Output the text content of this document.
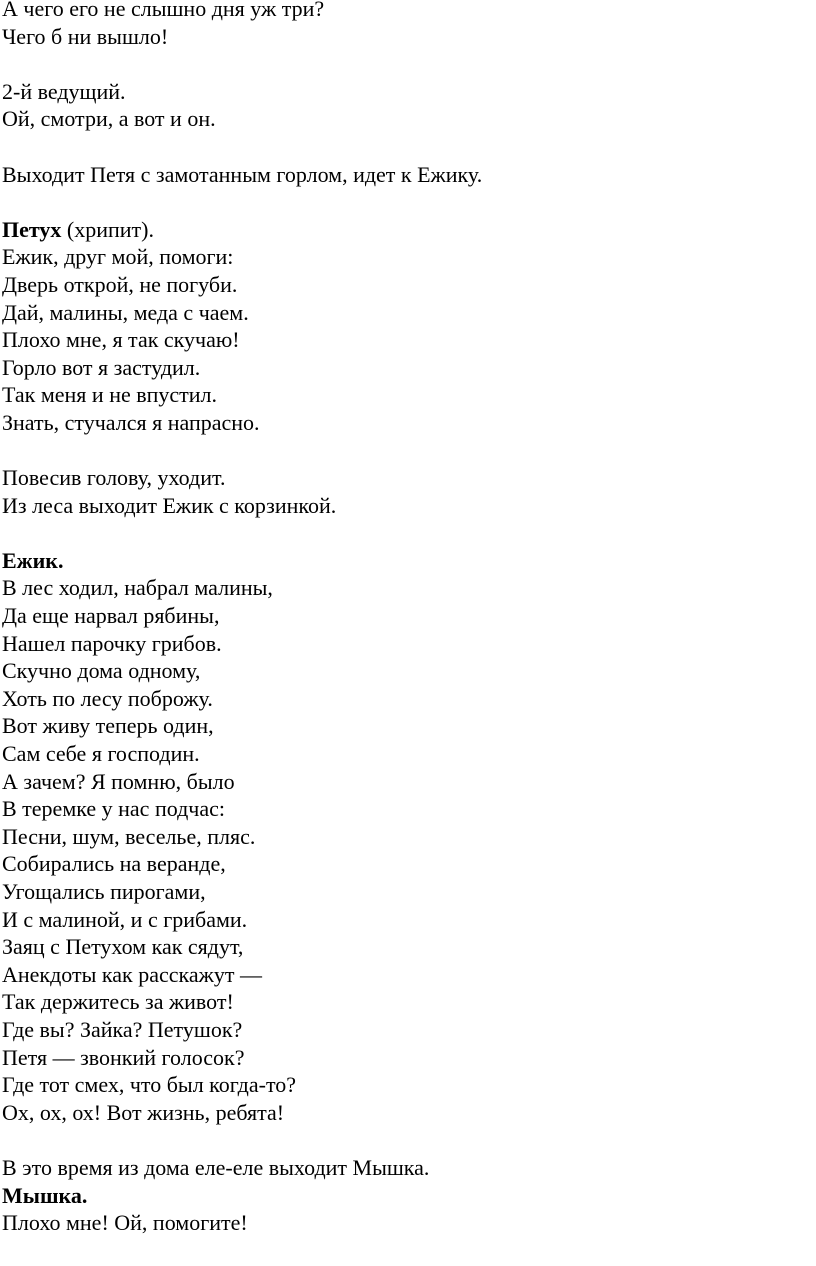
А чего его не слышно дня уж три?

Чего б ни вышло!

2-й ведущий.

Ой, смотри, а вот и он.

Выходит Петя с замотанным горлом, идет к Ежику.

Петух (хрипит).

Ежик, друг мой, помоги:

Дверь открой, не погуби.

Дай, малины, меда с чаем.

Плохо мне, я так скучаю!

Горло вот я застудил.

Так меня и не впустил.

Знать, стучался я напрасно.

Повесив голову, уходит.

Из леса выходит Ежик с корзинкой.

Ежик.

В лес ходил, набрал малины,

Да еще нарвал рябины,

Нашел парочку грибов.

Скучно дома одному,

Хоть по лесу поброжу.

Вот живу теперь один,

Сам себе я господин.

А зачем? Я помню, было

В теремке у нас подчас:

Песни, шум, веселье, пляс.

Собирались на веранде,

Угощались пирогами,

И с малиной, и с грибами.

Заяц с Петухом как сядут,

Анекдоты как расскажут —

Так держитесь за живот!

Где вы? Зайка? Петушок?

Петя — звонкий голосок?

Где тот смех, что был когда-то?

Ох, ох, ох! Вот жизнь, ребята!

В это время из дома еле-еле выходит Мышка.

Мышка.

Плохо мне! Ой, помогите!
